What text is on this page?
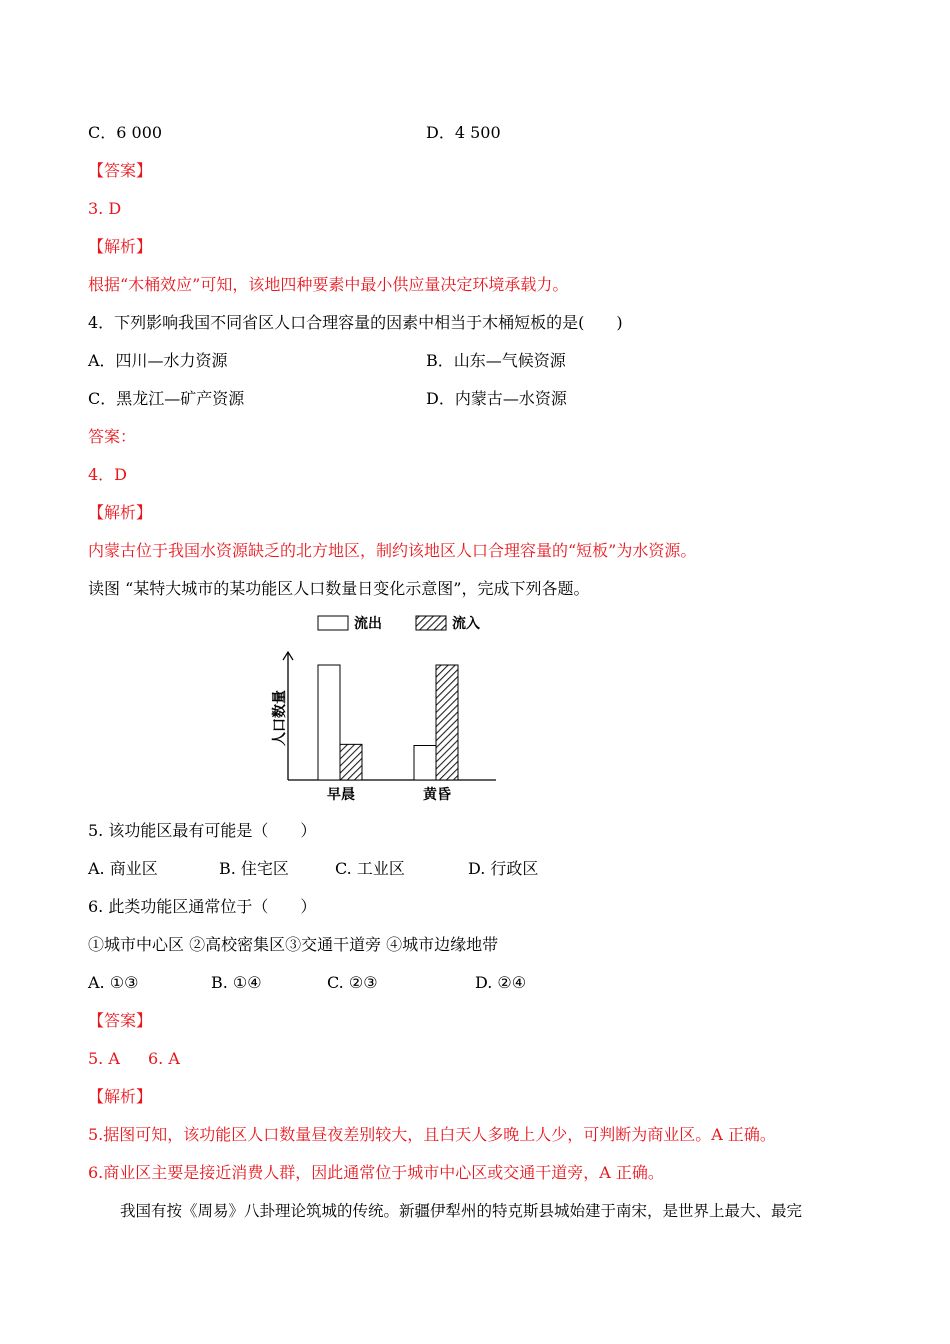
C．6 000	D．4 500
【答案】
3. D
【解析】
根据“木桶效应”可知，该地四种要素中最小供应量决定环境承载力。
4．下列影响我国不同省区人口合理容量的因素中相当于木桶短板的是(　　)
A．四川—水力资源	B．山东—气候资源
C．黑龙江—矿产资源	D．内蒙古—水资源
答案：
4．D
【解析】
内蒙古位于我国水资源缺乏的北方地区，制约该地区人口合理容量的“短板”为水资源。
读图 “某特大城市的某功能区人口数量日变化示意图”，完成下列各题。
流出	流入
人口数量
早晨	黄昏
5. 该功能区最有可能是（　　）
A. 商业区	B. 住宅区	C. 工业区	D. 行政区
6. 此类功能区通常位于（　　）
①城市中心区 ②高校密集区③交通干道旁 ④城市边缘地带
A. ①③	B. ①④	C. ②③	D. ②④
【答案】
5. A 6. A
【解析】
5.据图可知，该功能区人口数量昼夜差别较大，且白天人多晚上人少，可判断为商业区。A 正确。
6.商业区主要是接近消费人群，因此通常位于城市中心区或交通干道旁，A 正确。
我国有按《周易》八卦理论筑城的传统。新疆伊犁州的特克斯县城始建于南宋，是世界上最大、最完
